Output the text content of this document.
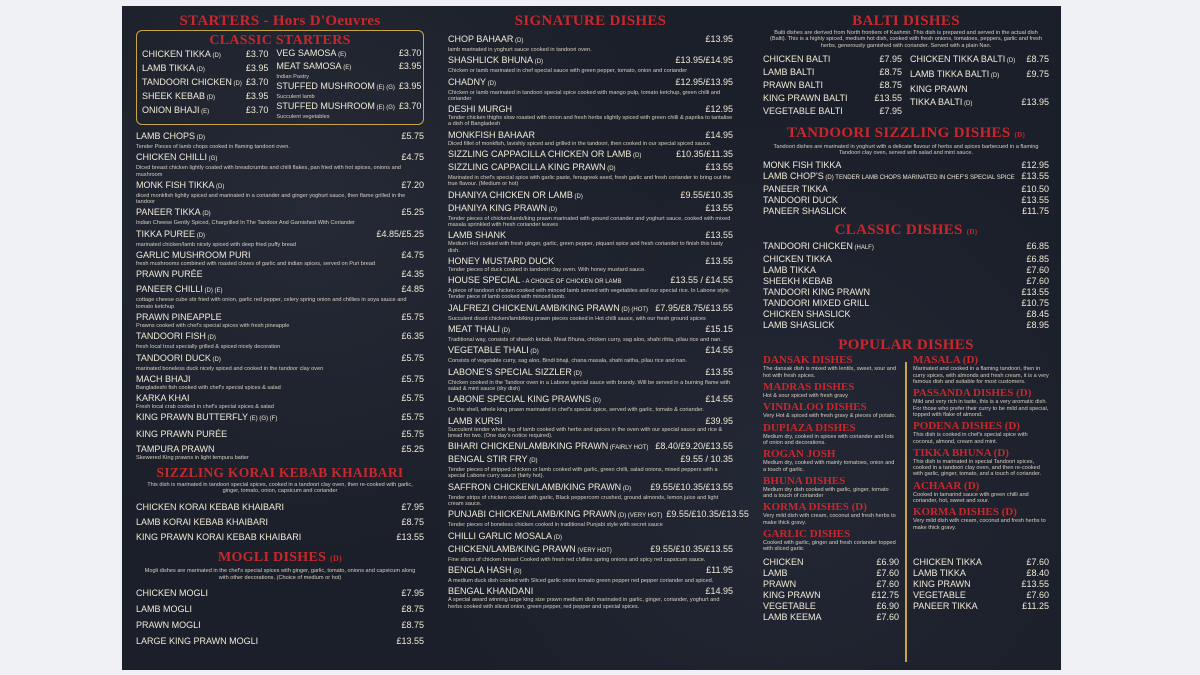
STARTERS - Hors D'Oeuvres
CLASSIC STARTERS
CHICKEN TIKKA (D)	£3.70
LAMB TIKKA (D)	£3.95
TANDOORI CHICKEN (D) £3.70
SHEEK KEBAB (D)	£3.95
ONION BHAJI (E)	£3.70
VEG SAMOSA (E)	£3.70
MEAT SAMOSA (E)	£3.95
Indian Pastry
STUFFED MUSHROOM (E) (G) £3.95
Succulent lamb
STUFFED MUSHROOM (E) (G) £3.70
Succulent vegetables
LAMB CHOPS (D)	£5.75
Tender Pieces of lamb chops cooked in flaming tandoori oven.
CHICKEN CHILLI (G)	£4.75
Diced breast chicken lightly coated with breadcrumbs and chilli flakes, pan fried with hot spices, onions and mushroom
MONK FISH TIKKA (D)	£7.20
diced monkfish lightly spiced and marinated in a coriander and ginger yoghurt sauce, then flame grilled in the tandoor
PANEER TIKKA (D)	£5.25
Indian Cheese Gently Spiced, Chargrilled In The Tandoor And Garnished With Coriander
TIKKA PUREE (D)	£4.85/£5.25
marinated chicken/lamb nicely spiced with deep fried puffy bread
GARLIC MUSHROOM PURI	£4.75
fresh mushrooms combined with roasted cloves of garlic and indian spices, served on Puri bread
PRAWN PURÉE	£4.35
PANEER CHILLI (D) (E)	£4.85
cottage cheese cube stir fried with onion, garlic red pepper, celery spring onion and chillies in soya sauce and tomato ketchup
PRAWN PINEAPPLE	£5.75
Prawns cooked with chef's special spices with fresh pineapple
TANDOORI FISH (D)	£6.35
fresh local trout specially grilled & spiced nicely decoration
TANDOORI DUCK (D)	£5.75
marinated boneless duck nicely spiced and cooked in the tandoor clay oven
MACH BHAJI	£5.75
Bangladeshi fish cooked with chef's special spices & salad
KARKA KHAI	£5.75
Fresh local crab cooked in chef's special spices & salad
KING PRAWN BUTTERFLY (E) (G) (F)	£5.75
KING PRAWN PURÉE	£5.75
TAMPURA PRAWN	£5.25
Skewered King prawns in light tempura batter
SIZZLING KORAI KEBAB KHAIBARI
This dish is marinated in tandoori special spices, cooked in a tandoori clay oven, then re-cooked with garlic, ginger, tomato, onion, capsicum and coriander
CHICKEN KORAI KEBAB KHAIBARI	£7.95
LAMB KORAI KEBAB KHAIBARI	£8.75
KING PRAWN KORAI KEBAB KHAIBARI	£13.55
MOGLI DISHES (D)
Mogli dishes are marinated in the chef's special spices with ginger, garlic, tomato, onions and capsicum along with other decorations. (Choice of medium or hot)
CHICKEN MOGLI	£7.95
LAMB MOGLI	£8.75
PRAWN MOGLI	£8.75
LARGE KING PRAWN MOGLI	£13.55
SIGNATURE DISHES
CHOP BAHAAR (D)	£13.95
lamb marinated in yoghurt sauce cooked in tandoori oven.
SHASHLICK BHUNA (D)	£13.95/£14.95
Chicken or lamb marinated in chef special sauce with green pepper, tomato, onion and coriander
CHADNY (D)	£12.95/£13.95
Chicken or lamb marinated in tandoori special spice cooked with mango pulp, tomato ketchup, green chilli and coriander
DESHI MURGH	£12.95
Tender chicken thighs slow roasted with onion and fresh herbs slightly spiced with green chilli & paprika to tantalise a dish of Bangladesh
MONKFISH BAHAAR	£14.95
Diced fillet of monkfish, lavishly spiced and grilled in the tandoori, then cooked in our special spiced sauce.
SIZZLING CAPPACILLA CHICKEN OR LAMB (D)	£10.35/£11.35
SIZZLING CAPPACILLA KING PRAWN (D)	£13.55
Marinated in chef's special spice with garlic paste, fenugreek seed, fresh garlic and fresh coriander to bring out the true flavour. (Medium or hot)
DHANIYA CHICKEN OR LAMB (D)	£9.55/£10.35
DHANIYA KING PRAWN (D)	£13.55
Tender pieces of chicken/lamb/king prawn marinated with ground coriander and yoghurt sauce, cooked with mixed masala sprinkled with fresh coriander leaves
LAMB SHANK	£13.55
Medium Hot cooked with fresh ginger, garlic, green pepper, piquant spice and fresh coriander to finish this tasty dish.
HONEY MUSTARD DUCK	£13.55
Tender pieces of duck cooked in tandoori clay oven. With honey mustard sauce.
HOUSE SPECIAL - A CHOICE OF CHICKEN OR LAMB	£13.55 / £14.55
A piece of tandoori chicken cooked with minced lamb served with vegetables and our special rice. In Labone style. Tender piece of lamb cooked with minced lamb.
JALFREZI CHICKEN/LAMB/KING PRAWN (D) (HOT) £7.95/£8.75/£13.55
Succulent diced chicken/lamb/king prawn pieces cooked in Hot chilli sauce, with our fresh ground spices
MEAT THALI (D)	£15.15
Traditional way, consists of sheekh kebab, Meat Bhuna, chicken curry, sag aloo, shahi rihta, pilau rice and nan.
VEGETABLE THALI (D)	£14.55
Consists of vegetable curry, sag aloo, Bindi bhaji, chana masala, shahi raitha, pilau rice and nan.
LABONE'S SPECIAL SIZZLER (D)	£13.55
Chicken cooked in the Tandoor oven in a Labone special sauce with brandy. Will be served in a burning flame with salad & mint sauce (dry dish)
LABONE SPECIAL KING PRAWNS (D)	£14.55
On the shell, whole king prawn marinated in chef's special spice, served with garlic, tomato & coriander.
LAMB KURSI	£39.95
Succulent tender whole leg of lamb cooked with herbs and spices in the oven with our special sauce and rice & bread for two. (One day's notice required).
BIHARI CHICKEN/LAMB/KING PRAWN (FAIRLY HOT) £8.40/£9.20/£13.55
BENGAL STIR FRY (D)	£9.55 / 10.35
Tender pieces of stripped chicken or lamb cooked with garlic, green chilli, salad onions, mixed peppers with a special Labone curry sauce (fairly hot).
SAFFRON CHICKEN/LAMB/KING PRAWN (D)	£9.55/£10.35/£13.55
Tender strips of chicken cooked with garlic, Black peppercorn crushed, ground almonds, lemon juice and light cream sauce.
PUNJABI CHICKEN/LAMB/KING PRAWN (D) (VERY HOT) £9.55/£10.35/£13.55
Tender pieces of boneless chicken cooked in traditional Punjabi style with secret sauce
CHILLI GARLIC MOSALA (D)
CHICKEN/LAMB/KING PRAWN (VERY HOT)	£9.55/£10.35/£13.55
Fine slices of chicken breast Cooked with fresh red chillies spring onions and spicy red capsicum sauce.
BENGLA HASH (D)	£11.95
A medium duck dish cooked with Sliced garlic onion tomato green pepper red pepper coriander and spiced.
BENGAL KHANDANI	£14.95
A special award winning large king size prawn medium dish marinated in garlic, ginger, coriander, yoghurt and herbs cooked with sliced onion, green pepper, red pepper and special spices.
BALTI DISHES
Balti dishes are derived from North frontiers of Kashmir. This dish is prepared and served in the actual dish (Balti). This is a highly spiced, medium hot dish, cooked with fresh onions, tomatoes, peppers, garlic and fresh herbs, generously garnished with coriander. Served with a plain Nan.
CHICKEN BALTI	£7.95
LAMB BALTI	£8.75
PRAWN BALTI	£8.75
KING PRAWN BALTI	£13.55
VEGETABLE BALTI	£7.95
CHICKEN TIKKA BALTI (D)	£8.75
LAMB TIKKA BALTI (D)	£9.75
KING PRAWN
TIKKA BALTI (D)	£13.95
TANDOORI SIZZLING DISHES (D)
Tandoori dishes are marinated in yoghurt with a delicate flavour of herbs and spices barbecued in a flaming Tandoori clay oven, served with salad and mint sauce.
MONK FISH TIKKA	£12.95
LAMB CHOP'S (D) TENDER LAMB CHOPS MARINATED IN CHEF'S SPECIAL SPICE £13.55
PANEER TIKKA	£10.50
TANDOORI DUCK	£13.55
PANEER SHASLICK	£11.75
CLASSIC DISHES (D)
TANDOORI CHICKEN (HALF)	£6.85
CHICKEN TIKKA	£6.85
LAMB TIKKA	£7.60
SHEEKH KEBAB	£7.60
TANDOORI KING PRAWN	£13.55
TANDOORI MIXED GRILL	£10.75
CHICKEN SHASLICK	£8.45
LAMB SHASLICK	£8.95
POPULAR DISHES
DANSAK DISHES
The dansak dish is mixed with lentils, sweet, sour and hot with fresh spices.
MADRAS DISHES
Hot & sour spiced with fresh gravy
VINDALOO DISHES
Very Hot & spiced with fresh gravy & pieces of potato.
DUPIAZA DISHES
Medium dry, cooked in spices with coriander and lots of onion and decorations.
ROGAN JOSH
Medium dry, cooked with mainly tomatoes, onion and a touch of garlic.
BHUNA DISHES
Medium dry dish cooked with garlic, ginger, tomato and a touch of coriander
KORMA DISHES (D)
Very mild dish with cream, coconut and fresh herbs to make thick gravy.
GARLIC DISHES
Cooked with garlic, ginger and fresh coriander topped with sliced garlic
MASALA (D)
Marinated and cooked in a flaming tandoori, then in curry spices, with almonds and fresh cream, it is a very famous dish and suitable for most customers.
PASSANDA DISHES (D)
Mild and very rich in taste, this is a very aromatic dish. For those who prefer their curry to be mild and special, topped with flake of almond.
PODENA DISHES (D)
This dish is cooked in chef's special spice with coconut, almond, cream and mint.
TIKKA BHUNA (D)
This dish is marinated in special Tandoori spices, cooked in a tandoori clay oven, and then re-cooked with garlic, ginger, tomato, and a touch of coriander.
ACHAAR (D)
Cooked in tamarind sauce with green chilli and coriander, hot, sweet and sour.
KORMA DISHES (D)
Very mild dish with cream, coconut and fresh herbs to make thick gravy.
CHICKEN	£6.90
LAMB	£7.60
PRAWN	£7.60
KING PRAWN	£12.75
VEGETABLE	£6.90
LAMB KEEMA	£7.60
CHICKEN TIKKA	£7.60
LAMB TIKKA	£8.40
KING PRAWN	£13.55
VEGETABLE	£7.60
PANEER TIKKA	£11.25
